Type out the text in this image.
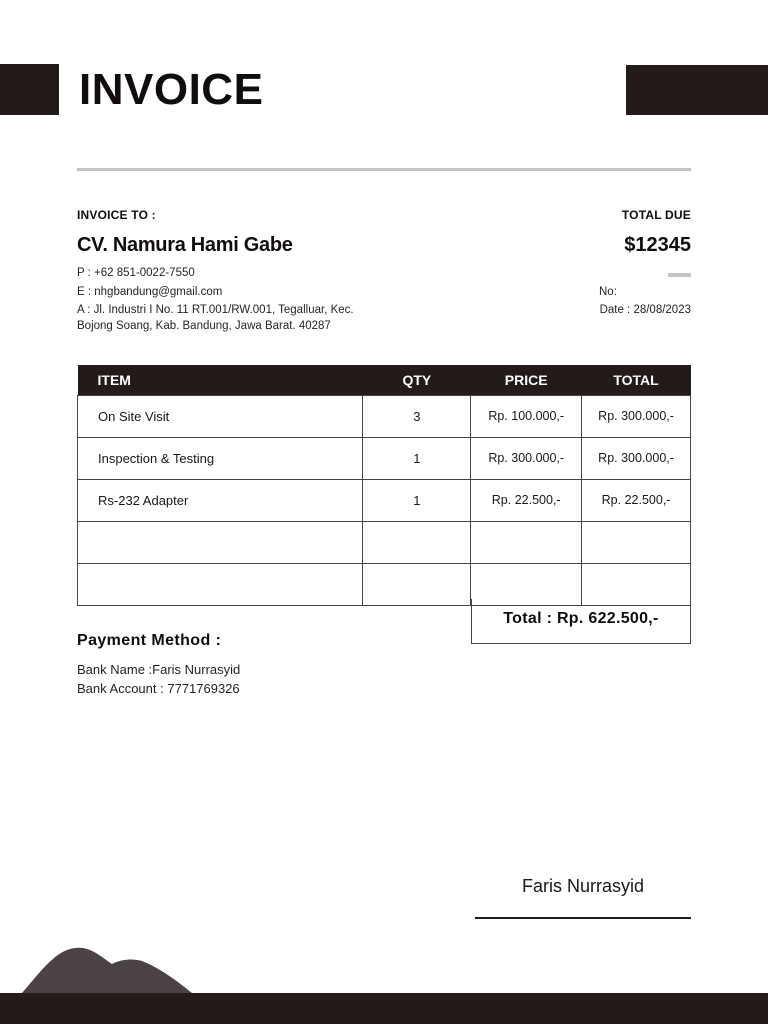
INVOICE
INVOICE TO :	TOTAL DUE
CV. Namura Hami Gabe	$12345
P : +62 851-0022-7550
E : nhgbandung@gmail.com
A : Jl. Industri I No. 11 RT.001/RW.001, Tegalluar, Kec.
Bojong Soang, Kab. Bandung, Jawa Barat. 40287
No:
Date : 28/08/2023
ITEM	QTY	PRICE	TOTAL
On Site Visit	3	Rp. 100.000,-	Rp. 300.000,-
Inspection & Testing	1	Rp. 300.000,-	Rp. 300.000,-
Rs-232 Adapter	1	Rp. 22.500,-	Rp. 22.500,-

Total : Rp. 622.500,-
Payment Method :
Bank Name :Faris Nurrasyid
Bank Account : 7771769326
Faris Nurrasyid
